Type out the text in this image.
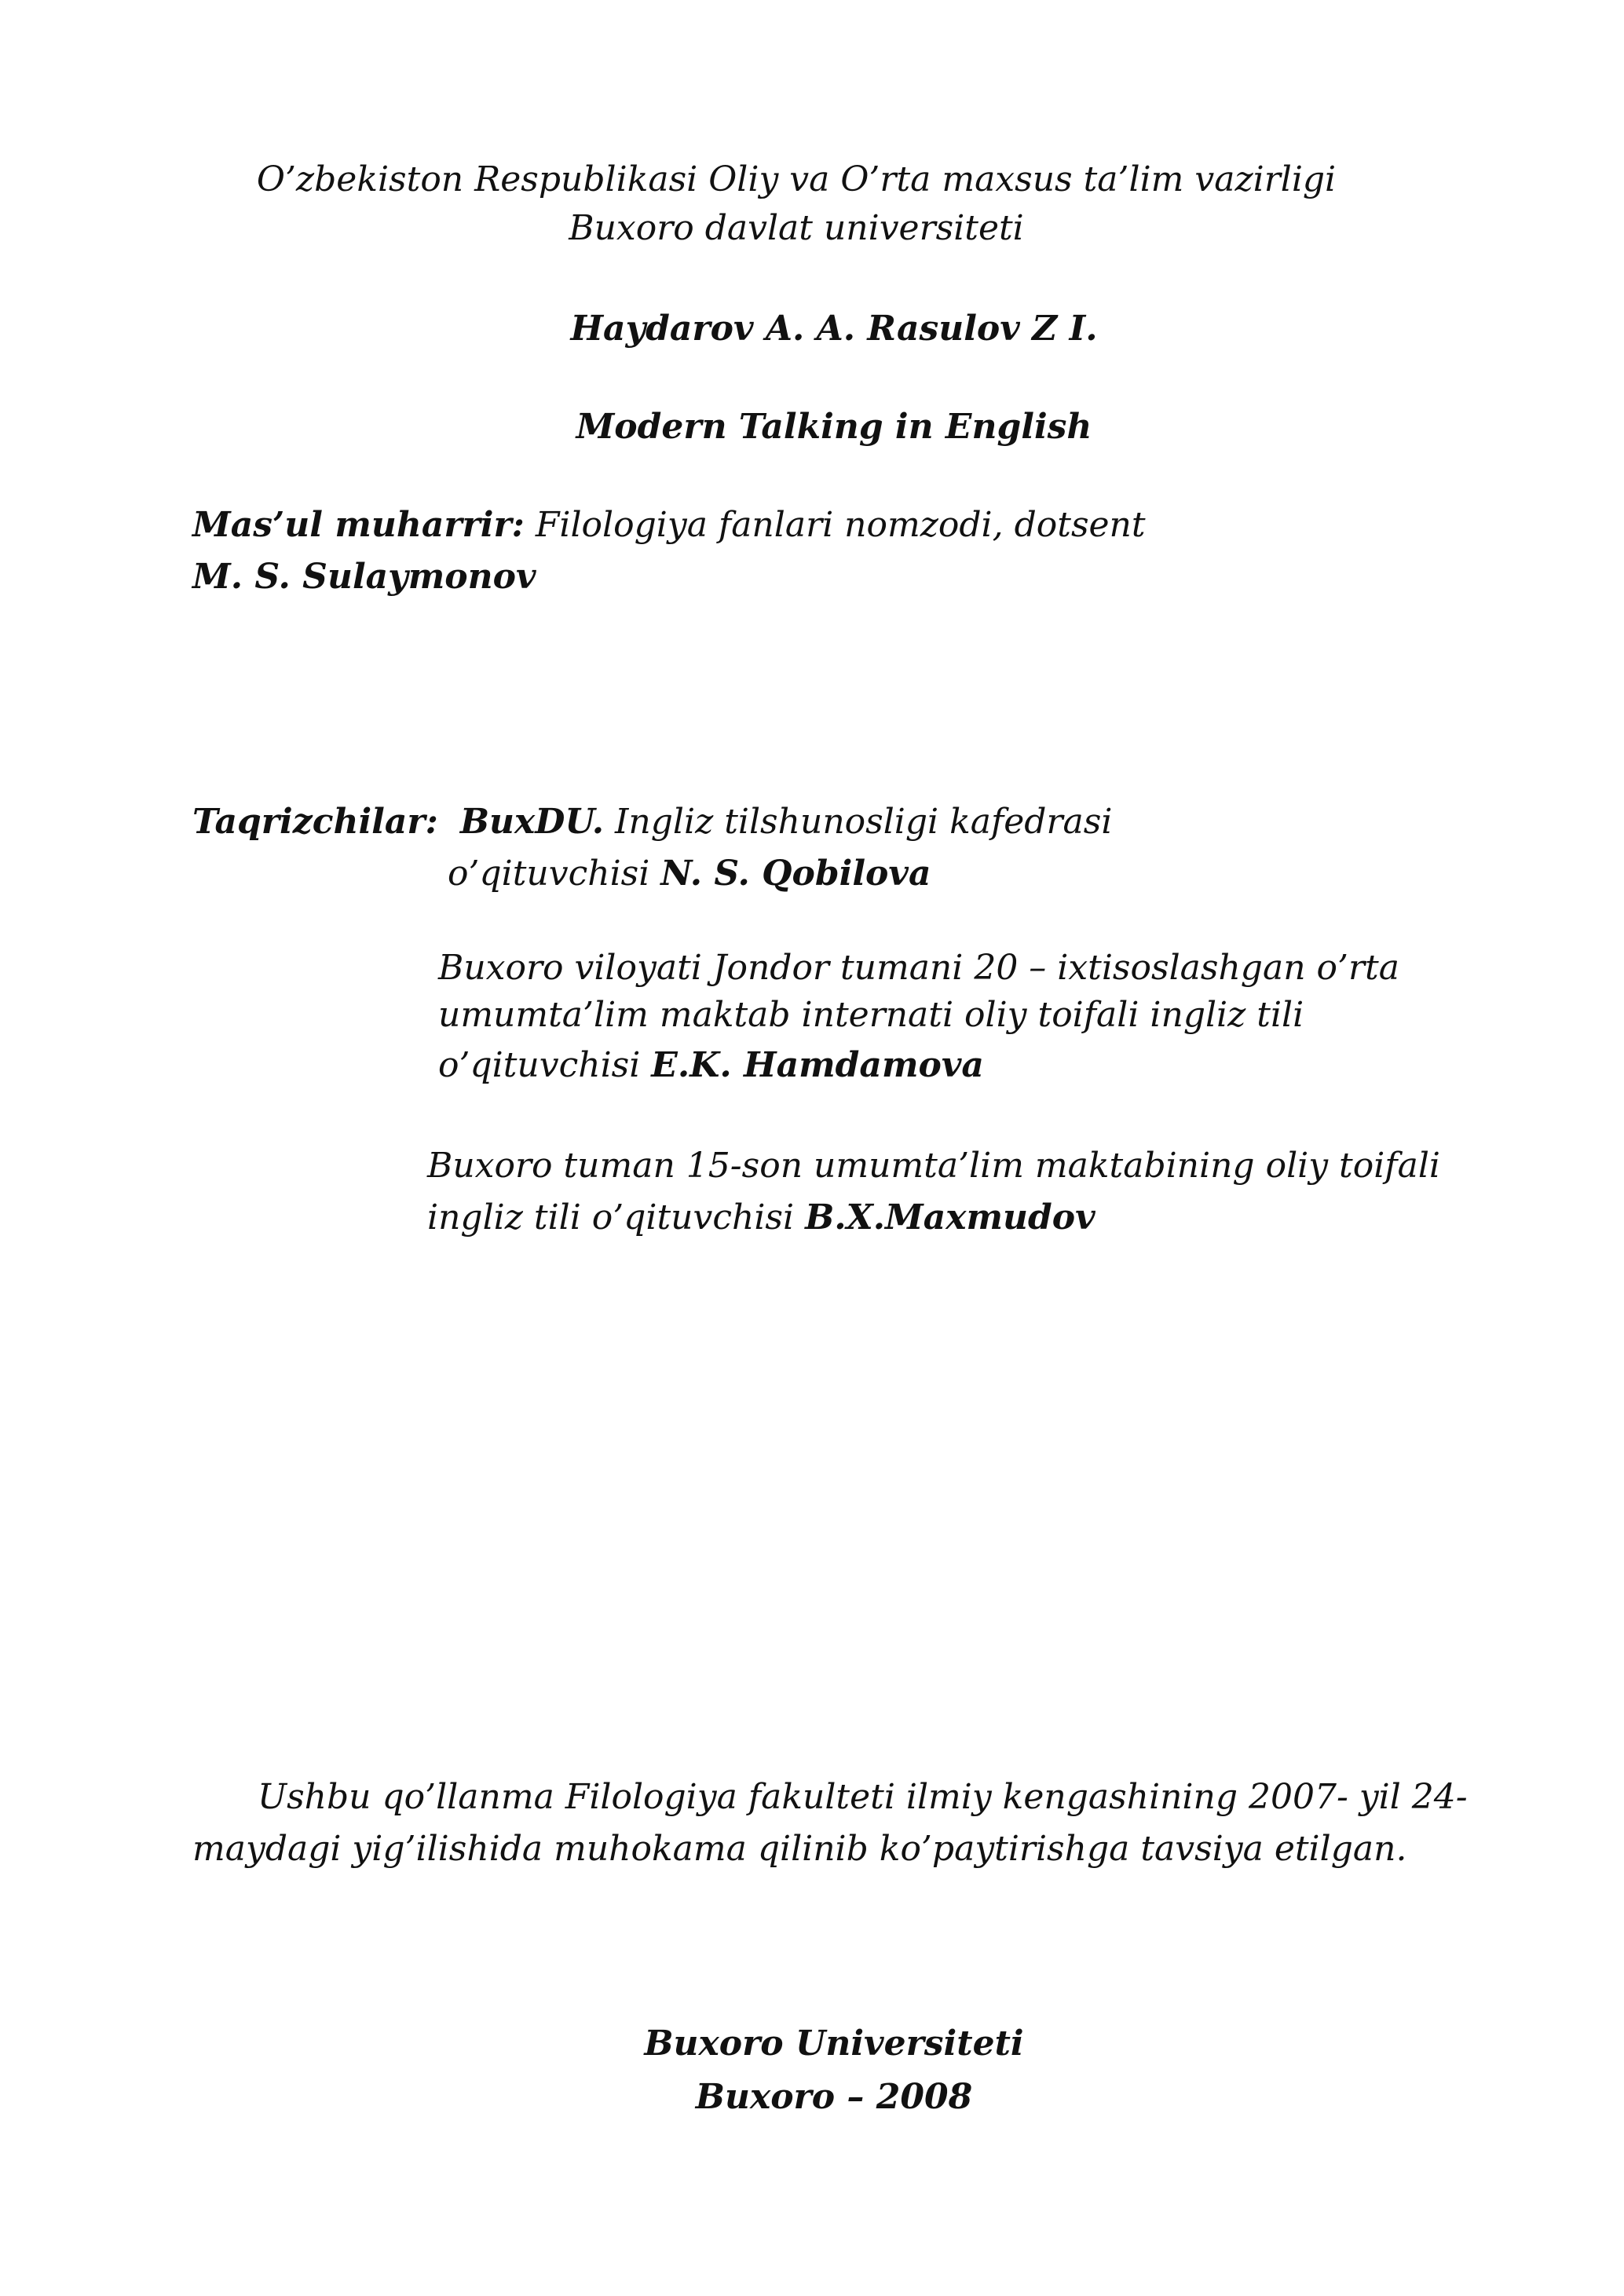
O’zbekiston Respublikasi Oliy va O’rta maxsus ta’lim vazirligi
Buxoro davlat universiteti
Haydarov A. A. Rasulov Z I.
Modern Talking in English
Mas’ul muharrir: Filologiya fanlari nomzodi, dotsent
M. S. Sulaymonov
Taqrizchilar: BuxDU. Ingliz tilshunosligi kafedrasi
o’qituvchisi N. S. Qobilova
Buxoro viloyati Jondor tumani 20 – ixtisoslashgan o’rta
umumta’lim maktab internati oliy toifali ingliz tili
o’qituvchisi E.K. Hamdamova
Buxoro tuman 15-son umumta’lim maktabining oliy toifali
ingliz tili o’qituvchisi B.X.Maxmudov
Ushbu qo’llanma Filologiya fakulteti ilmiy kengashining 2007- yil 24-
maydagi yig’ilishida muhokama qilinib ko’paytirishga tavsiya etilgan.
Buxoro Universiteti
Buxoro – 2008
